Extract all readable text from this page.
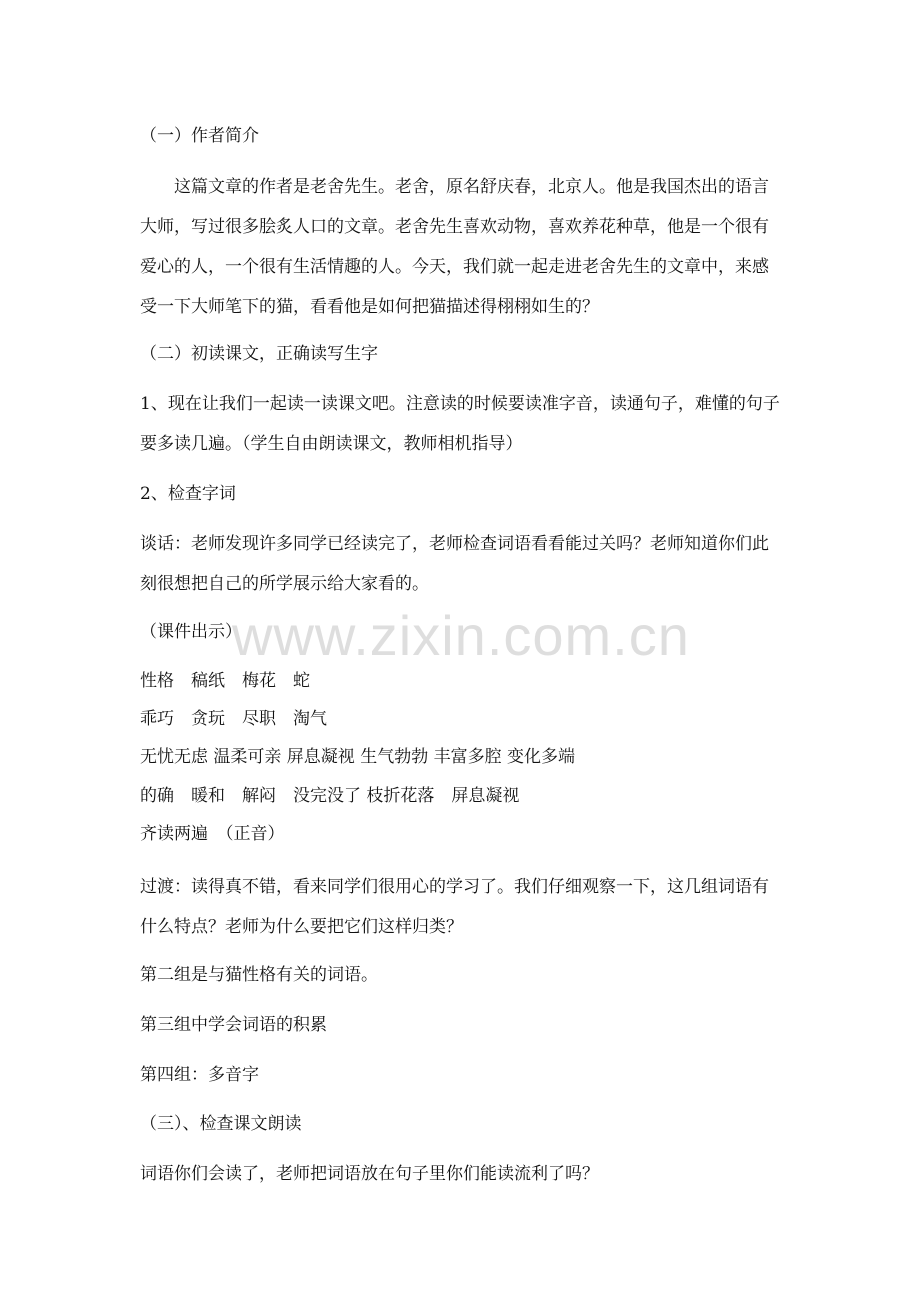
（一）作者简介

这篇文章的作者是老舍先生。老舍，原名舒庆春，北京人。他是我国杰出的语言大师，写过很多脍炙人口的文章。老舍先生喜欢动物，喜欢养花种草，他是一个很有爱心的人，一个很有生活情趣的人。今天，我们就一起走进老舍先生的文章中，来感受一下大师笔下的猫，看看他是如何把猫描述得栩栩如生的？

（二）初读课文，正确读写生字

1、现在让我们一起读一读课文吧。注意读的时候要读准字音，读通句子，难懂的句子要多读几遍。（学生自由朗读课文，教师相机指导）

2、检查字词

谈话：老师发现许多同学已经读完了，老师检查词语看看能过关吗？老师知道你们此刻很想把自己的所学展示给大家看的。

（课件出示）

性格　稿纸　梅花　蛇

乖巧　贪玩　尽职　淘气

无忧无虑 温柔可亲 屏息凝视 生气勃勃 丰富多腔 变化多端

的确　暖和　解闷　没完没了 枝折花落　屏息凝视

齐读两遍　（正音）

过渡：读得真不错，看来同学们很用心的学习了。我们仔细观察一下，这几组词语有什么特点？老师为什么要把它们这样归类？

第二组是与猫性格有关的词语。

第三组中学会词语的积累

第四组：多音字

（三）、检查课文朗读

词语你们会读了，老师把词语放在句子里你们能读流利了吗？

www.zixin.com.cn
